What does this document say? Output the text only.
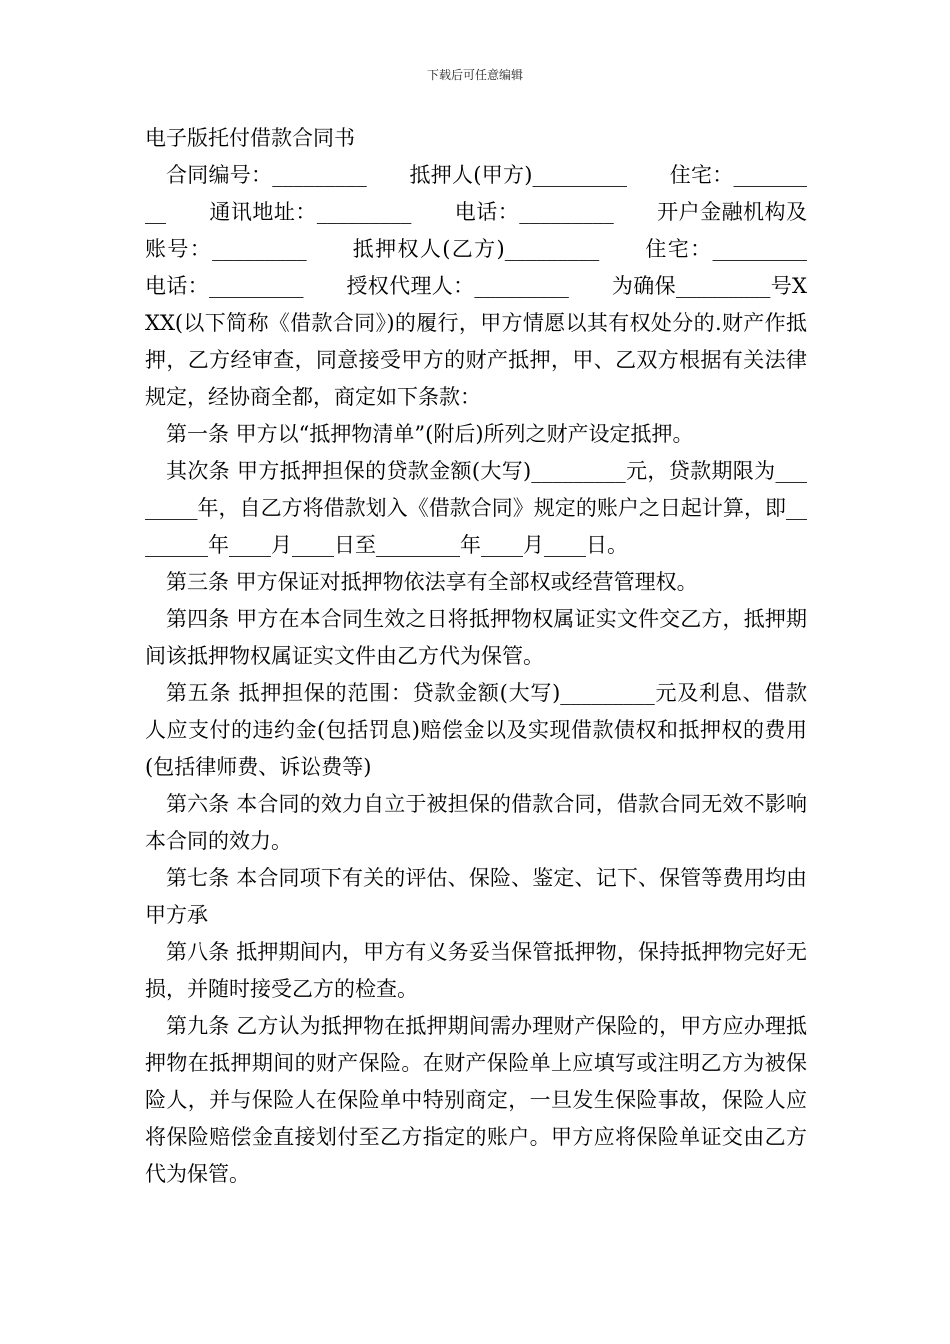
下载后可任意编辑
电子版托付借款合同书

合同编号：_________　　抵押人(甲方)_________　　住宅：_________　　通讯地址：_________　　电话：_________　　开户金融机构及账号：_________　　抵押权人(乙方)_________　　住宅：_________　　电话：_________　　授权代理人：_________　　为确保_________号XXX(以下简称《借款合同》)的履行，甲方情愿以其有权处分的.财产作抵押，乙方经审查，同意接受甲方的财产抵押，甲、乙双方根据有关法律规定，经协商全都，商定如下条款：

第一条 甲方以“抵押物清单”(附后)所列之财产设定抵押。

其次条 甲方抵押担保的贷款金额(大写)_________元，贷款期限为________年，自乙方将借款划入《借款合同》规定的账户之日起计算，即________年____月____日至________年____月____日。

第三条 甲方保证对抵押物依法享有全部权或经营管理权。

第四条 甲方在本合同生效之日将抵押物权属证实文件交乙方，抵押期间该抵押物权属证实文件由乙方代为保管。

第五条 抵押担保的范围：贷款金额(大写)_________元及利息、借款人应支付的违约金(包括罚息)赔偿金以及实现借款债权和抵押权的费用(包括律师费、诉讼费等)

第六条 本合同的效力自立于被担保的借款合同，借款合同无效不影响本合同的效力。

第七条 本合同项下有关的评估、保险、鉴定、记下、保管等费用均由甲方承

第八条 抵押期间内，甲方有义务妥当保管抵押物，保持抵押物完好无损，并随时接受乙方的检查。

第九条 乙方认为抵押物在抵押期间需办理财产保险的，甲方应办理抵押物在抵押期间的财产保险。在财产保险单上应填写或注明乙方为被保险人，并与保险人在保险单中特别商定，一旦发生保险事故，保险人应将保险赔偿金直接划付至乙方指定的账户。甲方应将保险单证交由乙方代为保管。
